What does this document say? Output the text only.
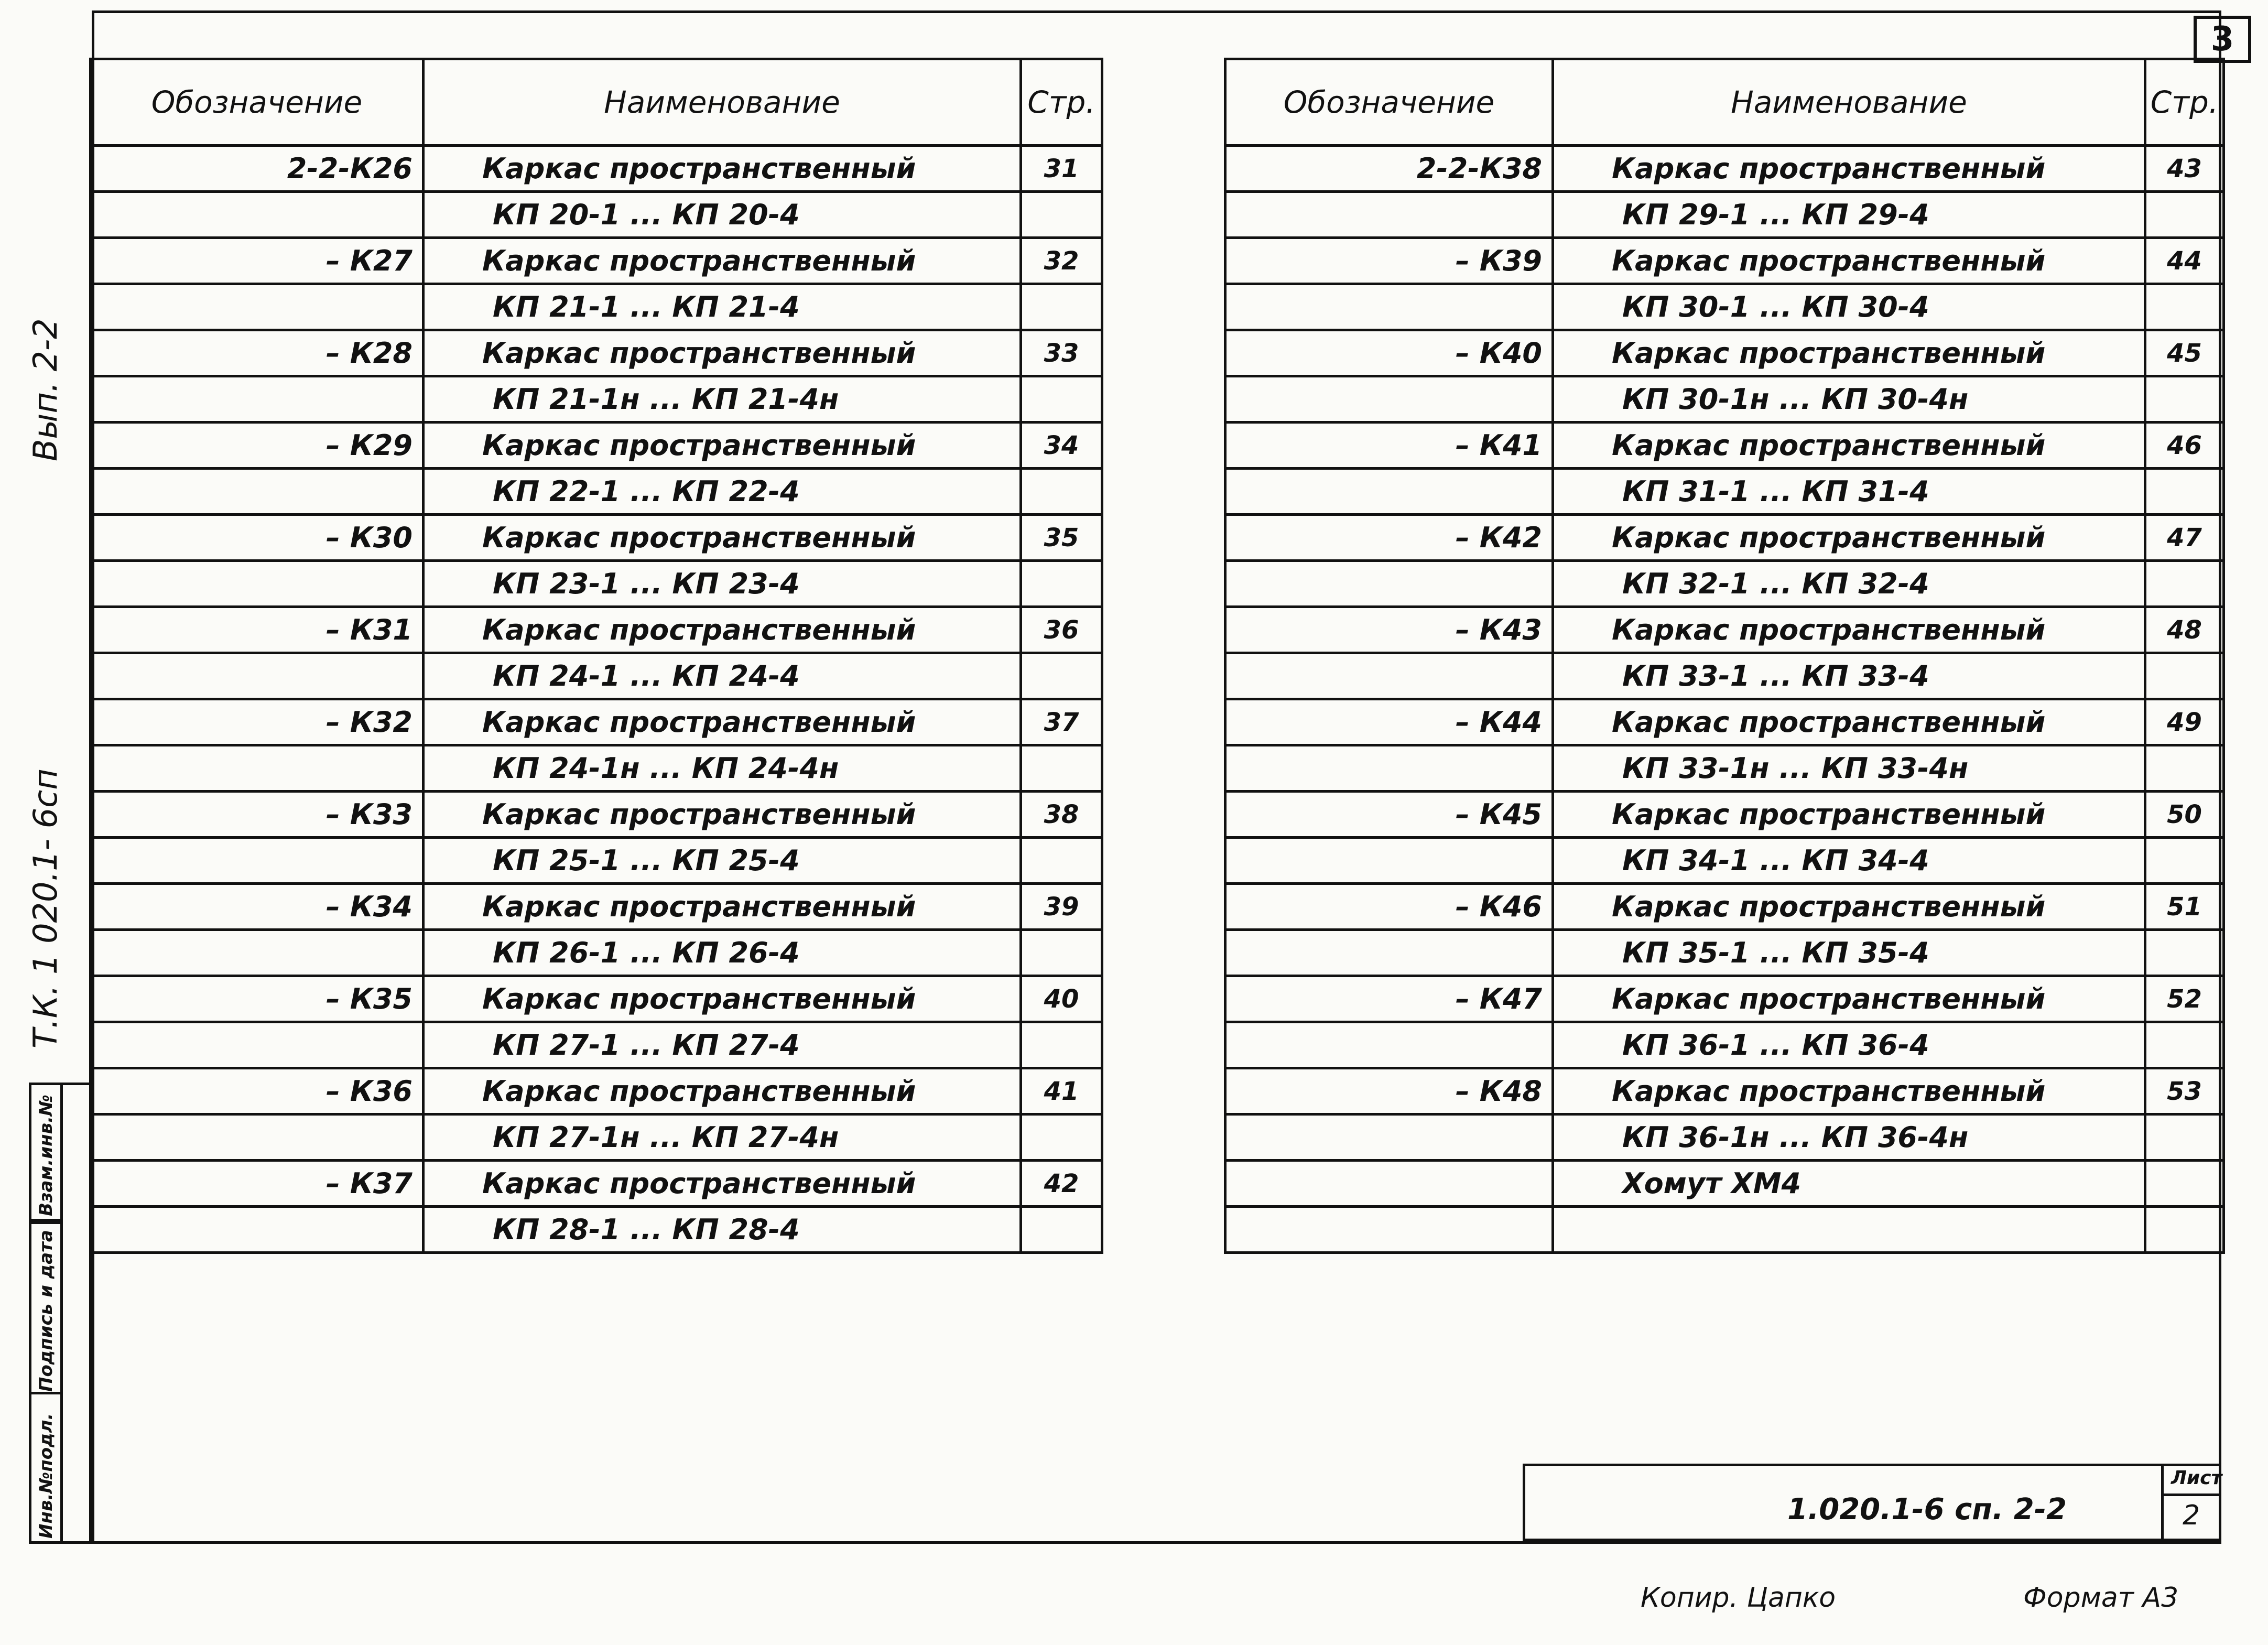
3
Вып. 2-2
Т.К. 1 020.1- 6сп
Инв.№подл.
Подпись и дата
Взам.инв.№
Обозначение	Наименование	Стр.
2-2-К26	Каркас пространственный	31
	КП 20-1 ... КП 20-4	
– К27	Каркас пространственный	32
	КП 21-1 ... КП 21-4	
– К28	Каркас пространственный	33
	КП 21-1н ... КП 21-4н	
– К29	Каркас пространственный	34
	КП 22-1 ... КП 22-4	
– К30	Каркас пространственный	35
	КП 23-1 ... КП 23-4	
– К31	Каркас пространственный	36
	КП 24-1 ... КП 24-4	
– К32	Каркас пространственный	37
	КП 24-1н ... КП 24-4н	
– К33	Каркас пространственный	38
	КП 25-1 ... КП 25-4	
– К34	Каркас пространственный	39
	КП 26-1 ... КП 26-4	
– К35	Каркас пространственный	40
	КП 27-1 ... КП 27-4	
– К36	Каркас пространственный	41
	КП 27-1н ... КП 27-4н	
– К37	Каркас пространственный	42
	КП 28-1 ... КП 28-4	
Обозначение	Наименование	Стр.
2-2-К38	Каркас пространственный	43
	КП 29-1 ... КП 29-4	
– К39	Каркас пространственный	44
	КП 30-1 ... КП 30-4	
– К40	Каркас пространственный	45
	КП 30-1н ... КП 30-4н	
– К41	Каркас пространственный	46
	КП 31-1 ... КП 31-4	
– К42	Каркас пространственный	47
	КП 32-1 ... КП 32-4	
– К43	Каркас пространственный	48
	КП 33-1 ... КП 33-4	
– К44	Каркас пространственный	49
	КП 33-1н ... КП 33-4н	
– К45	Каркас пространственный	50
	КП 34-1 ... КП 34-4	
– К46	Каркас пространственный	51
	КП 35-1 ... КП 35-4	
– К47	Каркас пространственный	52
	КП 36-1 ... КП 36-4	
– К48	Каркас пространственный	53
	КП 36-1н ... КП 36-4н	
	Хомут ХМ4	

1.020.1-6 сп. 2-2
Лист
2
Копир. Цапко	Формат А3
